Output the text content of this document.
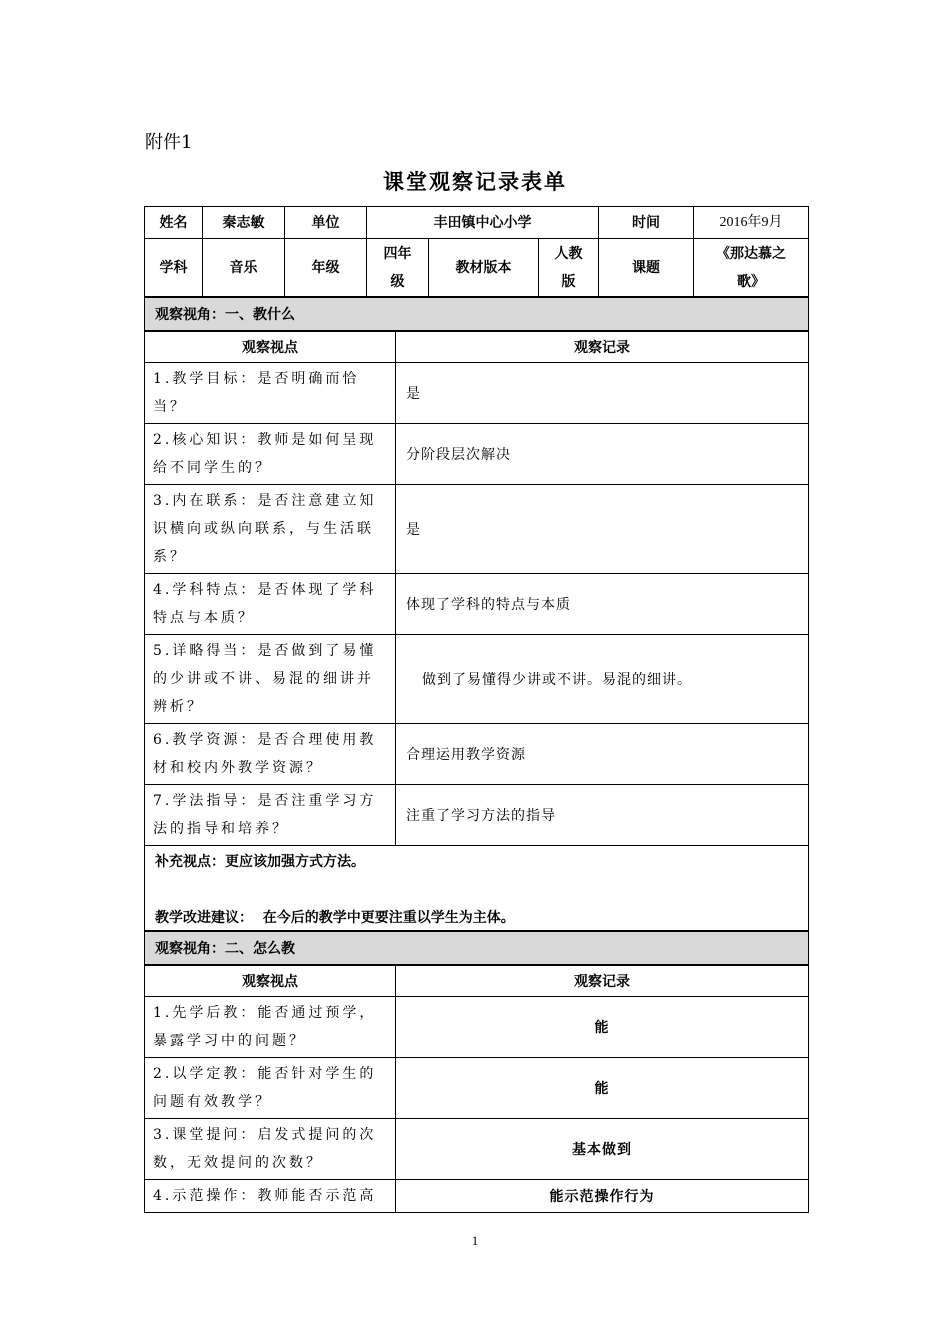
附件1
课堂观察记录表单
姓名	秦志敏	单位	丰田镇中心小学			时间	2016年9月
学科	音乐	年级	四年级	教材版本	人教版	课题	《那达慕之歌》
观察视角：一、教什么	
观察视点	观察记录
1.教学目标：是否明确而恰当？	是
2.核心知识：教师是如何呈现给不同学生的？	分阶段层次解决
3.内在联系：是否注意建立知识横向或纵向联系，与生活联系？	是
4.学科特点：是否体现了学科特点与本质？	体现了学科的特点与本质
5.详略得当：是否做到了易懂的少讲或不讲、易混的细讲并辨析？	做到了易懂得少讲或不讲。易混的细讲。
6.教学资源：是否合理使用教材和校内外教学资源？	合理运用教学资源
7.学法指导：是否注重学习方法的指导和培养？	注重了学习方法的指导

补充视点：更应该加强方式方法。

教学改进建议：  在今后的教学中更要注重以学生为主体。	

观察视角：二、怎么教	
观察视点	观察记录
1.先学后教：能否通过预学，暴露学习中的问题？	能
2.以学定教：能否针对学生的问题有效教学？	能
3.课堂提问：启发式提问的次数，无效提问的次数？	基本做到
4.示范操作：教师能否示范高	能示范操作行为
1
